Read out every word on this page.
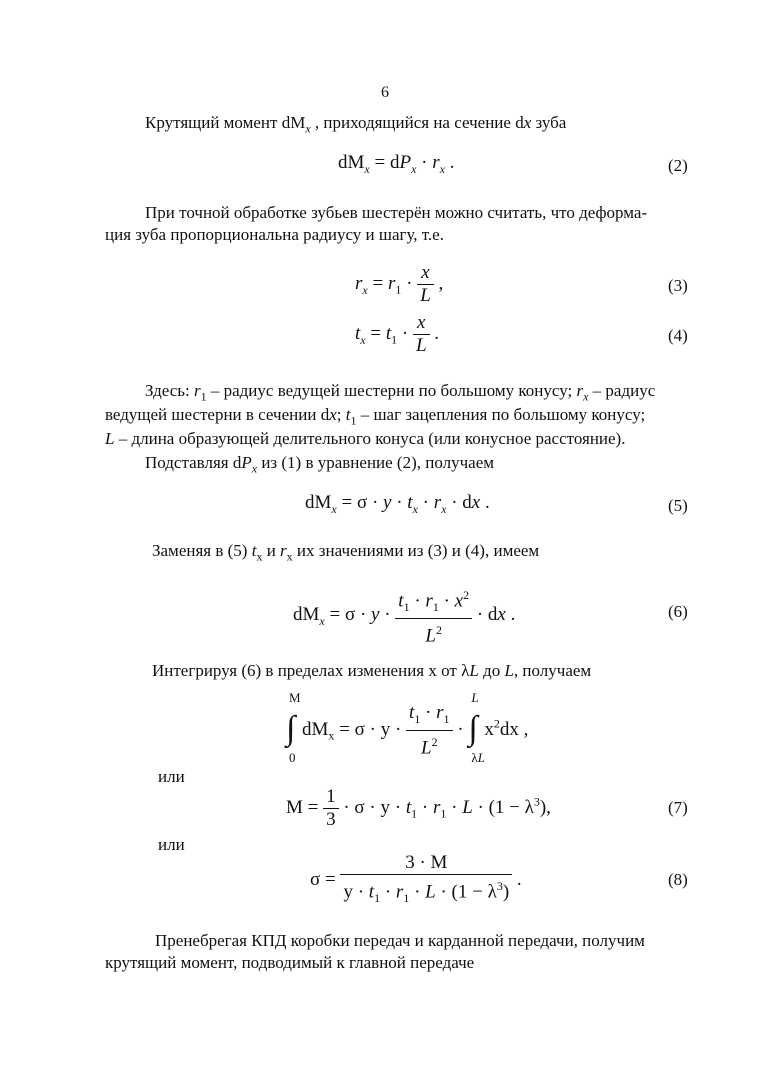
6
Крутящий момент $dM_x$ , приходящийся на сечение dx зуба
$dM_x = dP_x \cdot r_x$ .	(2)
При точной обработке зубьев шестерён можно считать, что деформа-
ция зуба пропорциональна радиусу и шагу, т.е.
$r_x = r_1 \cdot \frac{x}{L}$ ,	(3)
$t_x = t_1 \cdot \frac{x}{L}$ .	(4)
Здесь: $r_1$ – радиус ведущей шестерни по большому конусу; $r_x$ – радиус
ведущей шестерни в сечении dx; $t_1$ – шаг зацепления по большому конусу;
L – длина образующей делительного конуса (или конусное расстояние).
Подставляя $dP_x$ из (1) в уравнение (2), получаем
$dM_x = \sigma \cdot y \cdot t_x \cdot r_x$ · dx .	(5)
Заменяя в (5) $t_x$ и $r_x$ их значениями из (3) и (4), имеем
$dM_x = \sigma \cdot y \cdot \frac{t_1 \cdot r_1 \cdot x^2}{L^2}$ · dx .	(6)
Интегрируя (6) в пределах изменения x от λL до L, получаем
M
∫
0
$dM_x = \sigma \cdot y \cdot \frac{t_1 \cdot r_1}{L^2}$ ·
L
∫
λL
$x^2dx$ ,
или
$M = \frac{1}{3} \cdot \sigma \cdot y \cdot t_1 \cdot r_1 \cdot L \cdot (1 - \lambda^3)$,	(7)
или
$\sigma = \frac{3 \cdot M}{y \cdot t_1 \cdot r_1 \cdot L \cdot (1 - \lambda^3)}$ .	(8)
Пренебрегая КПД коробки передач и карданной передачи, получим
крутящий момент, подводимый к главной передаче
